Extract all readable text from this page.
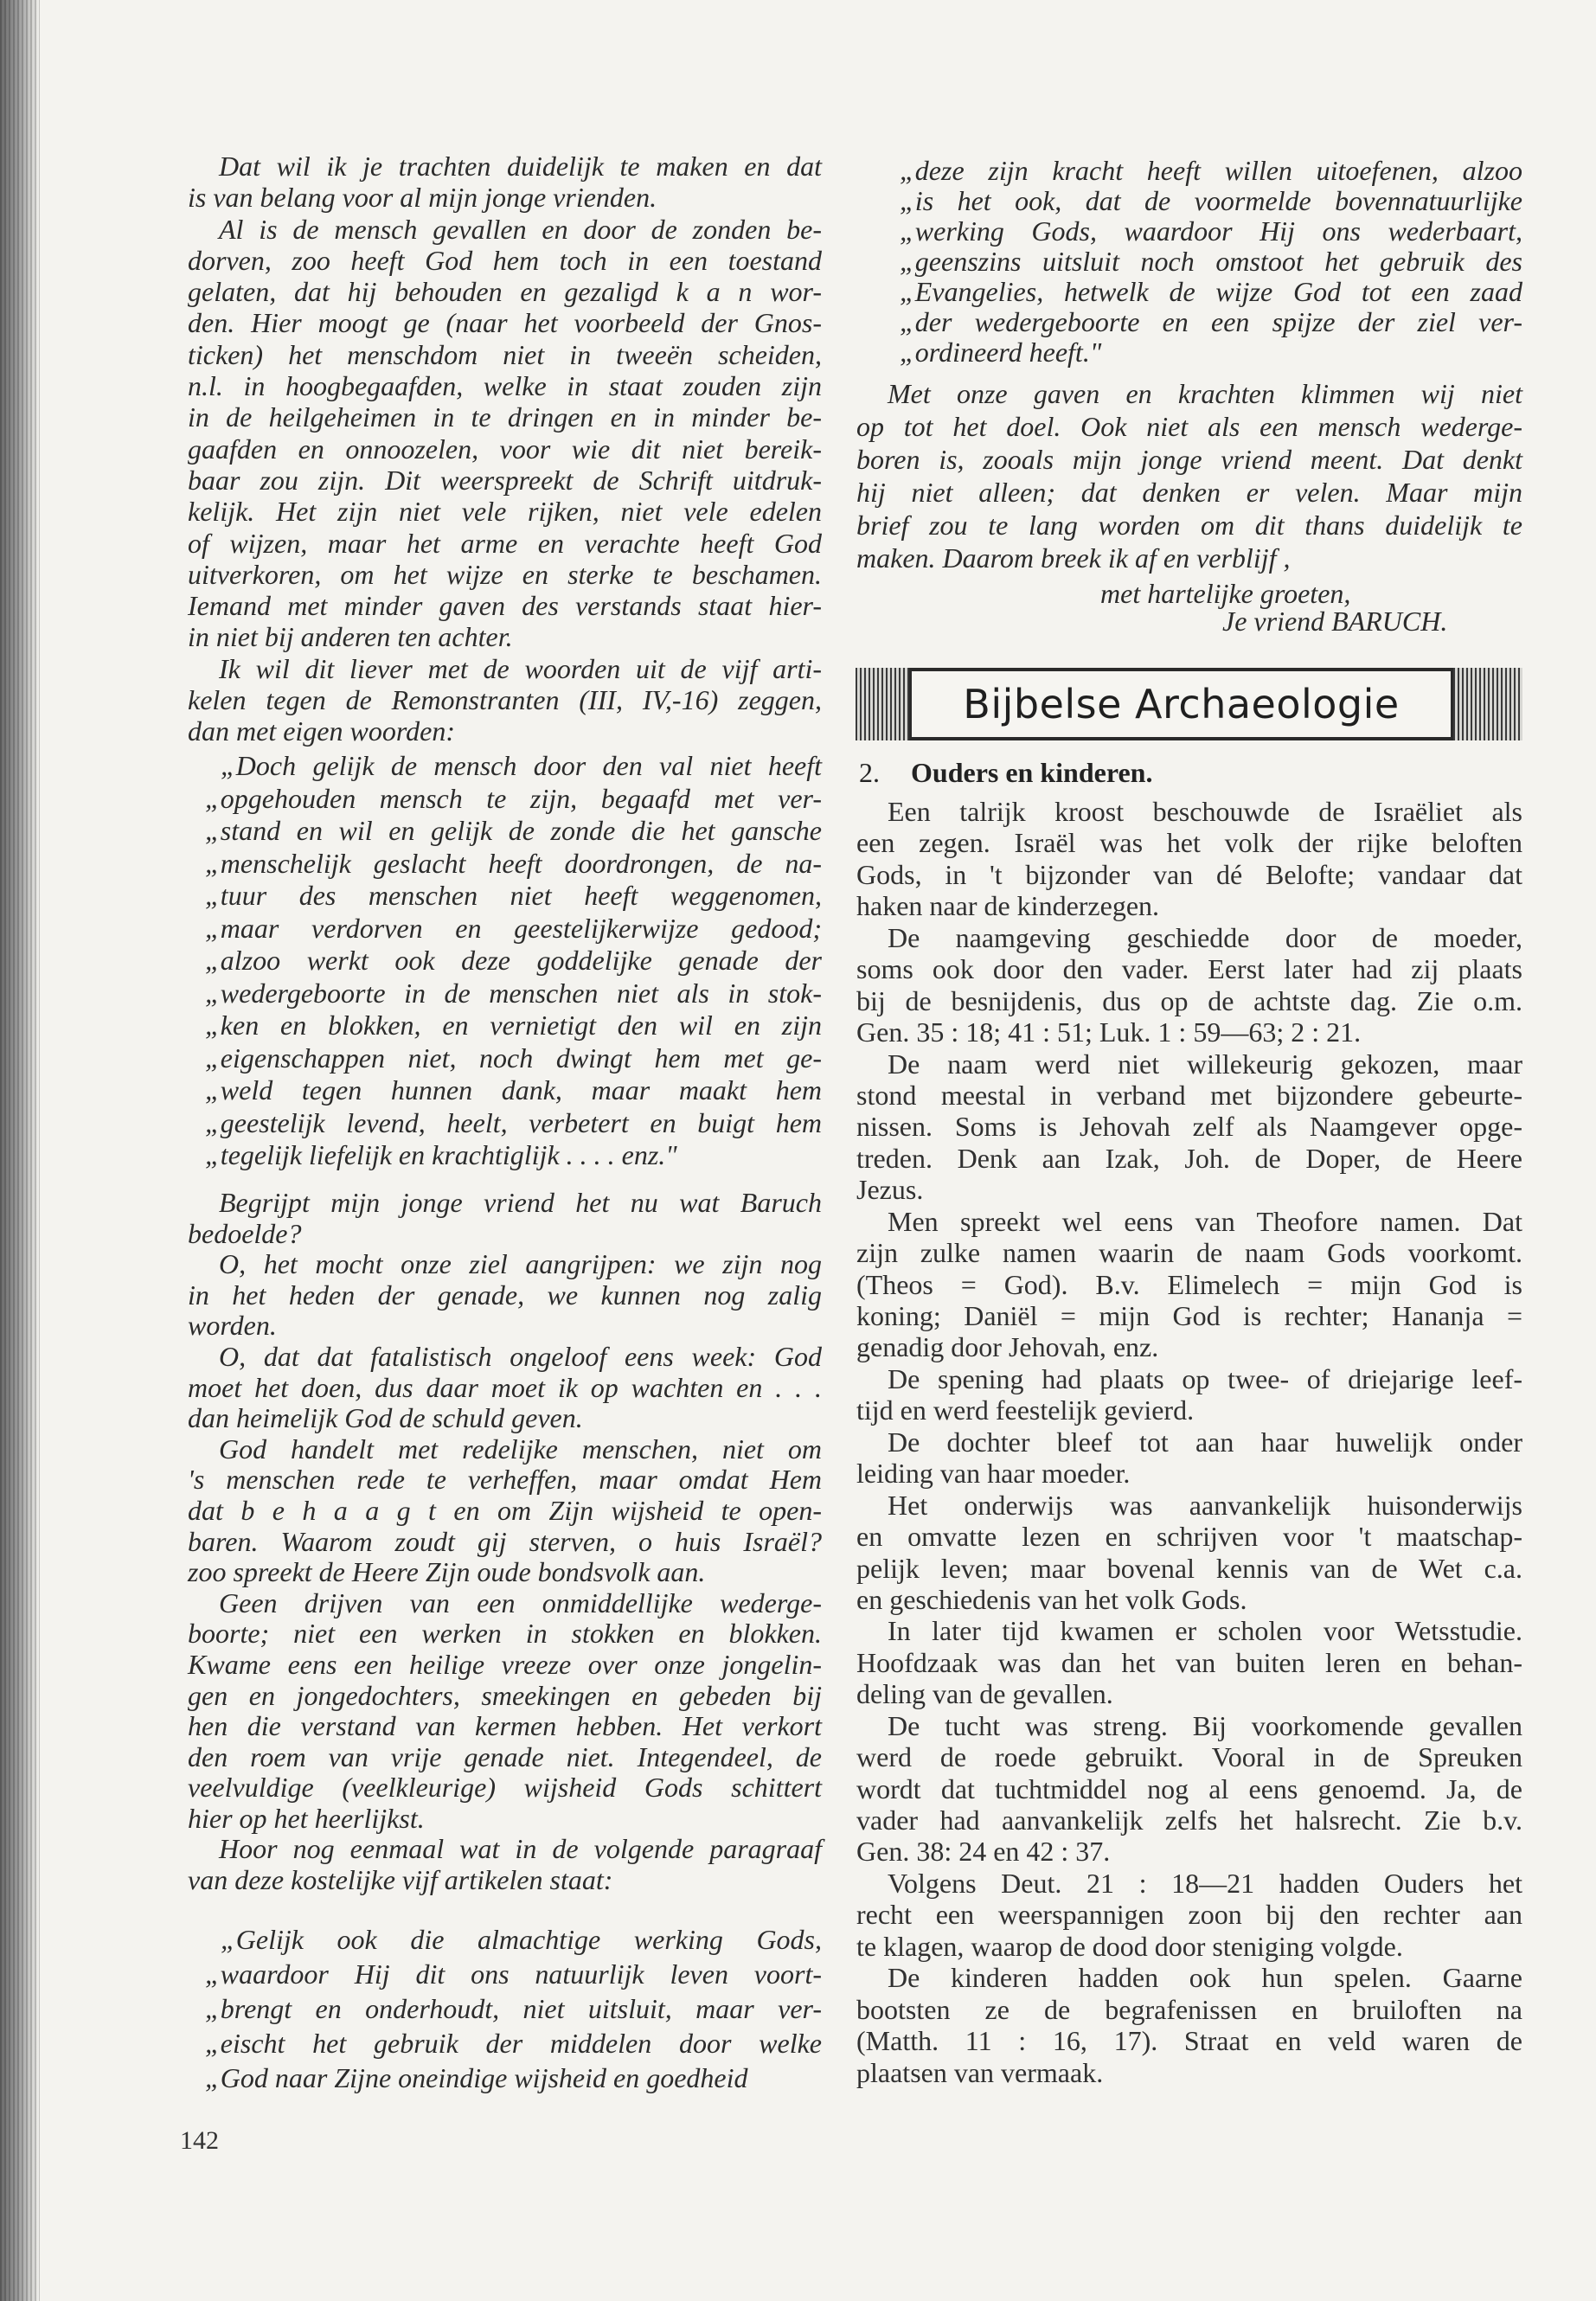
Dat wil ik je trachten duidelijk te maken en dat
is van belang voor al mijn jonge vrienden.
Al is de mensch gevallen en door de zonden be-
dorven, zoo heeft God hem toch in een toestand
gelaten, dat hij behouden en gezaligd k a n wor-
den. Hier moogt ge (naar het voorbeeld der Gnos-
ticken) het menschdom niet in tweeën scheiden,
n.l. in hoogbegaafden, welke in staat zouden zijn
in de heilgeheimen in te dringen en in minder be-
gaafden en onnoozelen, voor wie dit niet bereik-
baar zou zijn. Dit weerspreekt de Schrift uitdruk-
kelijk. Het zijn niet vele rijken, niet vele edelen
of wijzen, maar het arme en verachte heeft God
uitverkoren, om het wijze en sterke te beschamen.
Iemand met minder gaven des verstands staat hier-
in niet bij anderen ten achter.
Ik wil dit liever met de woorden uit de vijf arti-
kelen tegen de Remonstranten (III, IV,-16) zeggen,
dan met eigen woorden:
„Doch gelijk de mensch door den val niet heeft
„opgehouden mensch te zijn, begaafd met ver-
„stand en wil en gelijk de zonde die het gansche
„menschelijk geslacht heeft doordrongen, de na-
„tuur des menschen niet heeft weggenomen,
„maar verdorven en geestelijkerwijze gedood;
„alzoo werkt ook deze goddelijke genade der
„wedergeboorte in de menschen niet als in stok-
„ken en blokken, en vernietigt den wil en zijn
„eigenschappen niet, noch dwingt hem met ge-
„weld tegen hunnen dank, maar maakt hem
„geestelijk levend, heelt, verbetert en buigt hem
„tegelijk liefelijk en krachtiglijk . . . . enz."
Begrijpt mijn jonge vriend het nu wat Baruch
bedoelde?
O, het mocht onze ziel aangrijpen: we zijn nog
in het heden der genade, we kunnen nog zalig
worden.
O, dat dat fatalistisch ongeloof eens week: God
moet het doen, dus daar moet ik op wachten en . . .
dan heimelijk God de schuld geven.
God handelt met redelijke menschen, niet om
's menschen rede te verheffen, maar omdat Hem
dat b e h a a g t en om Zijn wijsheid te open-
baren. Waarom zoudt gij sterven, o huis Israël?
zoo spreekt de Heere Zijn oude bondsvolk aan.
Geen drijven van een onmiddellijke wederge-
boorte; niet een werken in stokken en blokken.
Kwame eens een heilige vreeze over onze jongelin-
gen en jongedochters, smeekingen en gebeden bij
hen die verstand van kermen hebben. Het verkort
den roem van vrije genade niet. Integendeel, de
veelvuldige (veelkleurige) wijsheid Gods schittert
hier op het heerlijkst.
Hoor nog eenmaal wat in de volgende paragraaf
van deze kostelijke vijf artikelen staat:
„Gelijk ook die almachtige werking Gods,
„waardoor Hij dit ons natuurlijk leven voort-
„brengt en onderhoudt, niet uitsluit, maar ver-
„eischt het gebruik der middelen door welke
„God naar Zijne oneindige wijsheid en goedheid
142
„deze zijn kracht heeft willen uitoefenen, alzoo
„is het ook, dat de voormelde bovennatuurlijke
„werking Gods, waardoor Hij ons wederbaart,
„geenszins uitsluit noch omstoot het gebruik des
„Evangelies, hetwelk de wijze God tot een zaad
„der wedergeboorte en een spijze der ziel ver-
„ordineerd heeft."
Met onze gaven en krachten klimmen wij niet
op tot het doel. Ook niet als een mensch wederge-
boren is, zooals mijn jonge vriend meent. Dat denkt
hij niet alleen; dat denken er velen. Maar mijn
brief zou te lang worden om dit thans duidelijk te
maken. Daarom breek ik af en verblijf ,
met hartelijke groeten,
Je vriend BARUCH.
Bijbelse Archaeologie
2. Ouders en kinderen.
Een talrijk kroost beschouwde de Israëliet als
een zegen. Israël was het volk der rijke beloften
Gods, in 't bijzonder van dé Belofte; vandaar dat
haken naar de kinderzegen.
De naamgeving geschiedde door de moeder,
soms ook door den vader. Eerst later had zij plaats
bij de besnijdenis, dus op de achtste dag. Zie o.m.
Gen. 35 : 18; 41 : 51; Luk. 1 : 59—63; 2 : 21.
De naam werd niet willekeurig gekozen, maar
stond meestal in verband met bijzondere gebeurte-
nissen. Soms is Jehovah zelf als Naamgever opge-
treden. Denk aan Izak, Joh. de Doper, de Heere
Jezus.
Men spreekt wel eens van Theofore namen. Dat
zijn zulke namen waarin de naam Gods voorkomt.
(Theos = God). B.v. Elimelech = mijn God is
koning; Daniël = mijn God is rechter; Hananja =
genadig door Jehovah, enz.
De spening had plaats op twee- of driejarige leef-
tijd en werd feestelijk gevierd.
De dochter bleef tot aan haar huwelijk onder
leiding van haar moeder.
Het onderwijs was aanvankelijk huisonderwijs
en omvatte lezen en schrijven voor 't maatschap-
pelijk leven; maar bovenal kennis van de Wet c.a.
en geschiedenis van het volk Gods.
In later tijd kwamen er scholen voor Wetsstudie.
Hoofdzaak was dan het van buiten leren en behan-
deling van de gevallen.
De tucht was streng. Bij voorkomende gevallen
werd de roede gebruikt. Vooral in de Spreuken
wordt dat tuchtmiddel nog al eens genoemd. Ja, de
vader had aanvankelijk zelfs het halsrecht. Zie b.v.
Gen. 38: 24 en 42 : 37.
Volgens Deut. 21 : 18—21 hadden Ouders het
recht een weerspannigen zoon bij den rechter aan
te klagen, waarop de dood door steniging volgde.
De kinderen hadden ook hun spelen. Gaarne
bootsten ze de begrafenissen en bruiloften na
(Matth. 11 : 16, 17). Straat en veld waren de
plaatsen van vermaak.
